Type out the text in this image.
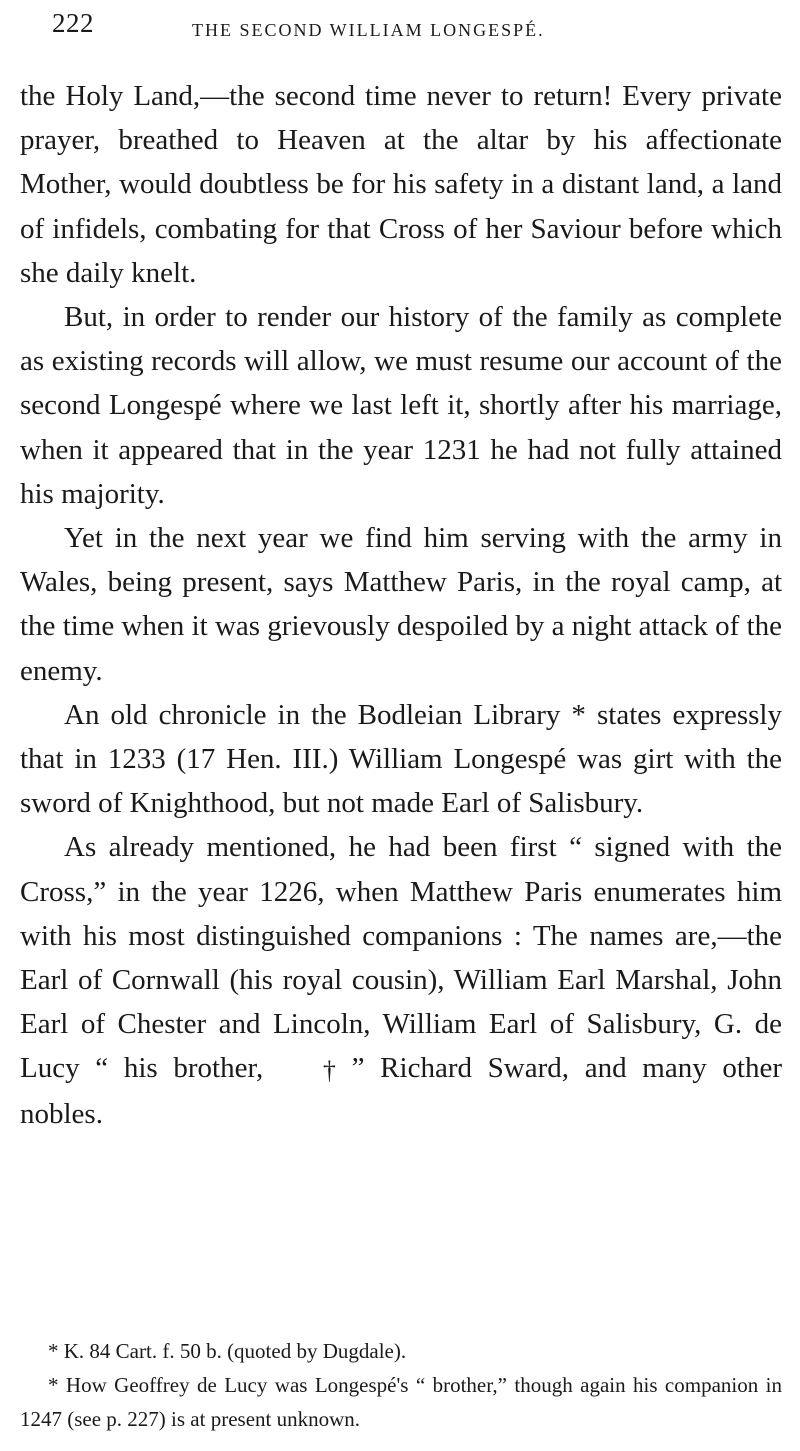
222	THE SECOND WILLIAM LONGESPÉ.

the Holy Land,—the second time never to return! Every private prayer, breathed to Heaven at the altar by his affectionate Mother, would doubtless be for his safety in a distant land, a land of infidels, combating for that Cross of her Saviour before which she daily knelt.

But, in order to render our history of the family as complete as existing records will allow, we must resume our account of the second Longespé where we last left it, shortly after his marriage, when it appeared that in the year 1231 he had not fully attained his majority.

Yet in the next year we find him serving with the army in Wales, being present, says Matthew Paris, in the royal camp, at the time when it was grievously despoiled by a night attack of the enemy.

An old chronicle in the Bodleian Library * states expressly that in 1233 (17 Hen. III.) William Longespé was girt with the sword of Knighthood, but not made Earl of Salisbury.

As already mentioned, he had been first “ signed with the Cross,” in the year 1226, when Matthew Paris enumerates him with his most distinguished companions : The names are,—the Earl of Cornwall (his royal cousin), William Earl Marshal, John Earl of Chester and Lincoln, William Earl of Salisbury, G. de Lucy “ his brother, † ” Richard Sward, and many other nobles.

* K. 84 Cart. f. 50 b. (quoted by Dugdale).

* How Geoffrey de Lucy was Longespé's “ brother,” though again his companion in 1247 (see p. 227) is at present unknown.
